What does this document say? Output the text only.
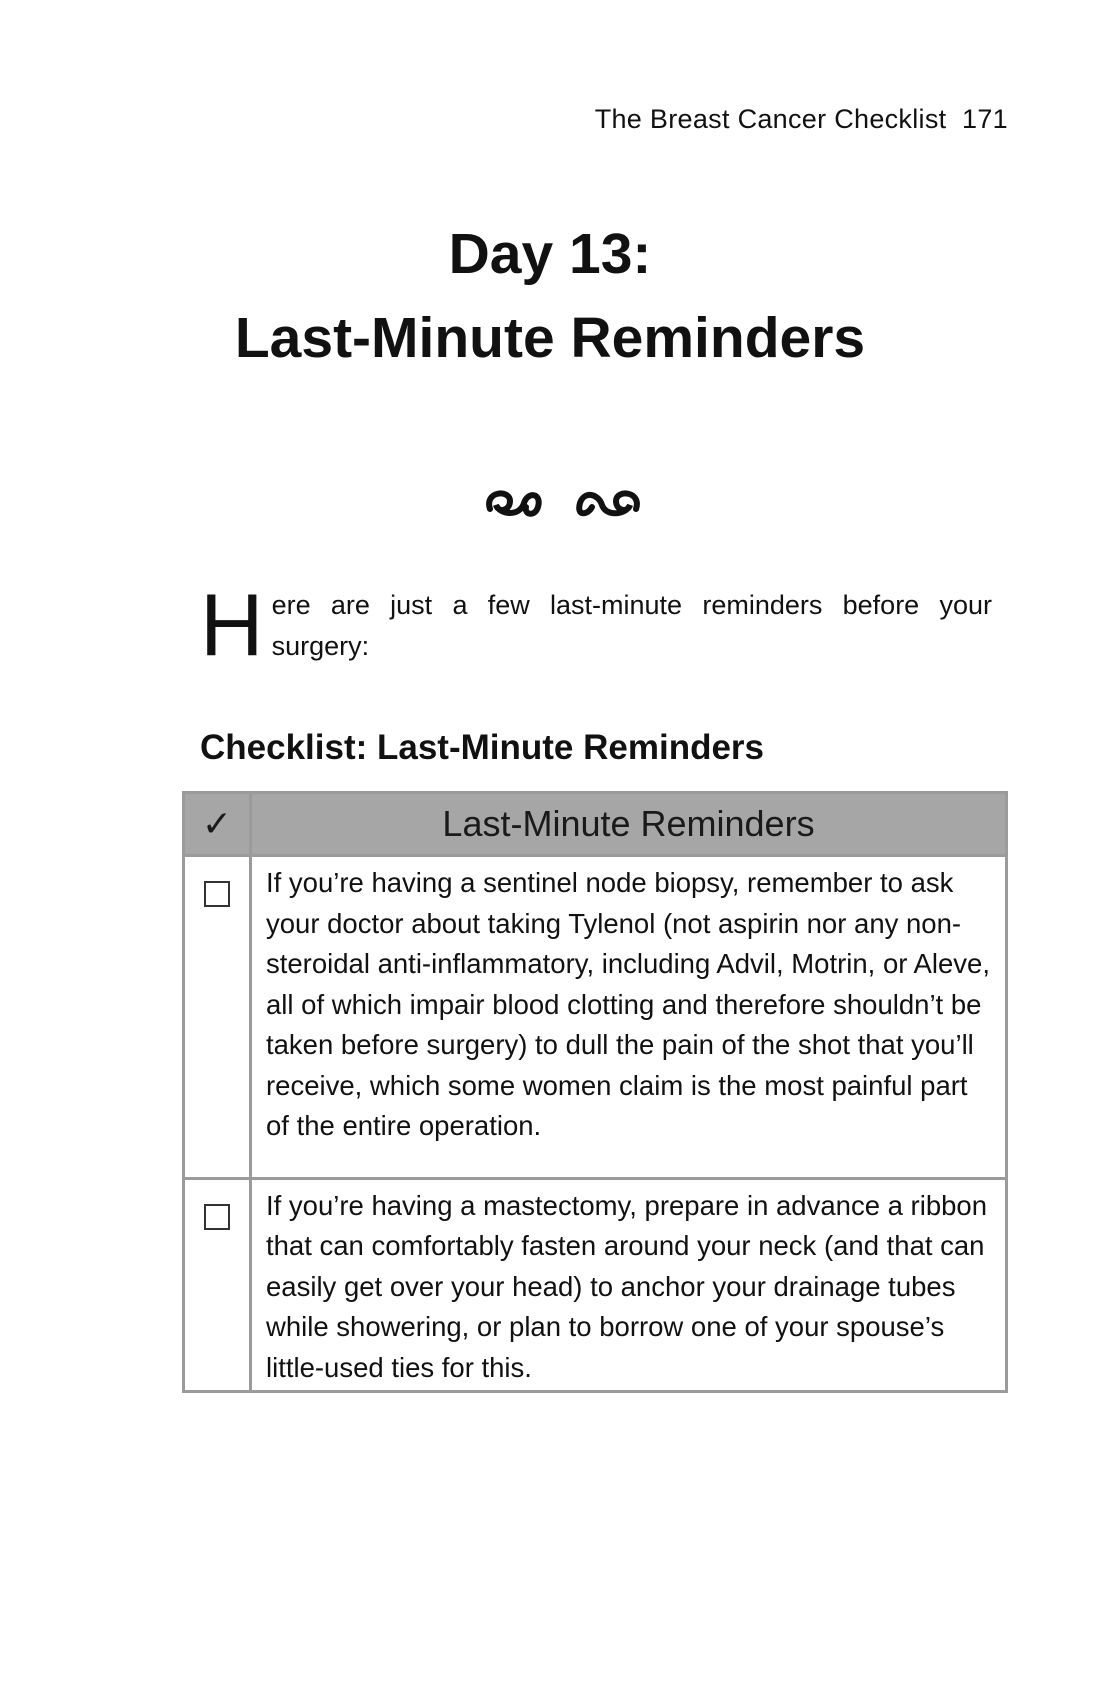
The Breast Cancer Checklist 171
Day 13:
Last-Minute Reminders

H ere are just a few last-minute reminders before your surgery:
Checklist: Last-Minute Reminders
✓	Last-Minute Reminders
	If you’re having a sentinel node biopsy, remember to ask your doctor about taking Tylenol (not aspirin nor any non-steroidal anti-inflammatory, including Advil, Motrin, or Aleve, all of which impair blood clotting and therefore shouldn’t be taken before surgery) to dull the pain of the shot that you’ll receive, which some women claim is the most painful part of the entire operation.
	If you’re having a mastectomy, prepare in advance a ribbon that can comfortably fasten around your neck (and that can easily get over your head) to anchor your drainage tubes while showering, or plan to borrow one of your spouse’s little-used ties for this.
